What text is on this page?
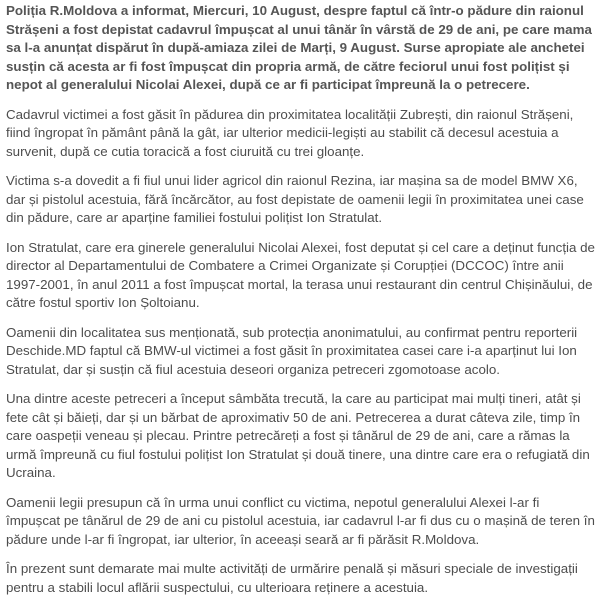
Poliția R.Moldova a informat, Miercuri, 10 August, despre faptul că într-o pădure din raionul Strășeni a fost depistat cadavrul împușcat al unui tânăr în vârstă de 29 de ani, pe care mama sa l-a anunțat dispărut în după-amiaza zilei de Marți, 9 August. Surse apropiate ale anchetei susțin că acesta ar fi fost împușcat din propria armă, de către feciorul unui fost polițist și nepot al generalului Nicolai Alexei, după ce ar fi participat împreună la o petrecere.

Cadavrul victimei a fost găsit în pădurea din proximitatea localității Zubrești, din raionul Strășeni, fiind îngropat în pământ până la gât, iar ulterior medicii-legiști au stabilit că decesul acestuia a survenit, după ce cutia toracică a fost ciuruită cu trei gloanțe.

Victima s-a dovedit a fi fiul unui lider agricol din raionul Rezina, iar mașina sa de model BMW X6, dar și pistolul acestuia, fără încărcător, au fost depistate de oamenii legii în proximitatea unei case din pădure, care ar aparține familiei fostului polițist Ion Stratulat.

Ion Stratulat, care era ginerele generalului Nicolai Alexei, fost deputat și cel care a deținut funcția de director al Departamentului de Combatere a Crimei Organizate și Corupției (DCCOC) între anii 1997-2001, în anul 2011 a fost împușcat mortal, la terasa unui restaurant din centrul Chișinăului, de către fostul sportiv Ion Șoltoianu.

Oamenii din localitatea sus menționată, sub protecția anonimatului, au confirmat pentru reporterii Deschide.MD faptul că BMW-ul victimei a fost găsit în proximitatea casei care i-a aparținut lui Ion Stratulat, dar și susțin că fiul acestuia deseori organiza petreceri zgomotoase acolo.

Una dintre aceste petreceri a început sâmbăta trecută, la care au participat mai mulți tineri, atât și fete cât și băieți, dar și un bărbat de aproximativ 50 de ani. Petrecerea a durat câteva zile, timp în care oaspeții veneau și plecau. Printre petrecăreți a fost și tânărul de 29 de ani, care a rămas la urmă împreună cu fiul fostului polițist Ion Stratulat și două tinere, una dintre care era o refugiată din Ucraina.

Oamenii legii presupun că în urma unui conflict cu victima, nepotul generalului Alexei l-ar fi împușcat pe tânărul de 29 de ani cu pistolul acestuia, iar cadavrul l-ar fi dus cu o mașină de teren în pădure unde l-ar fi îngropat, iar ulterior, în aceeași seară ar fi părăsit R.Moldova.

În prezent sunt demarate mai multe activități de urmărire penală și măsuri speciale de investigații pentru a stabili locul aflării suspectului, cu ulterioara reținere a acestuia.
